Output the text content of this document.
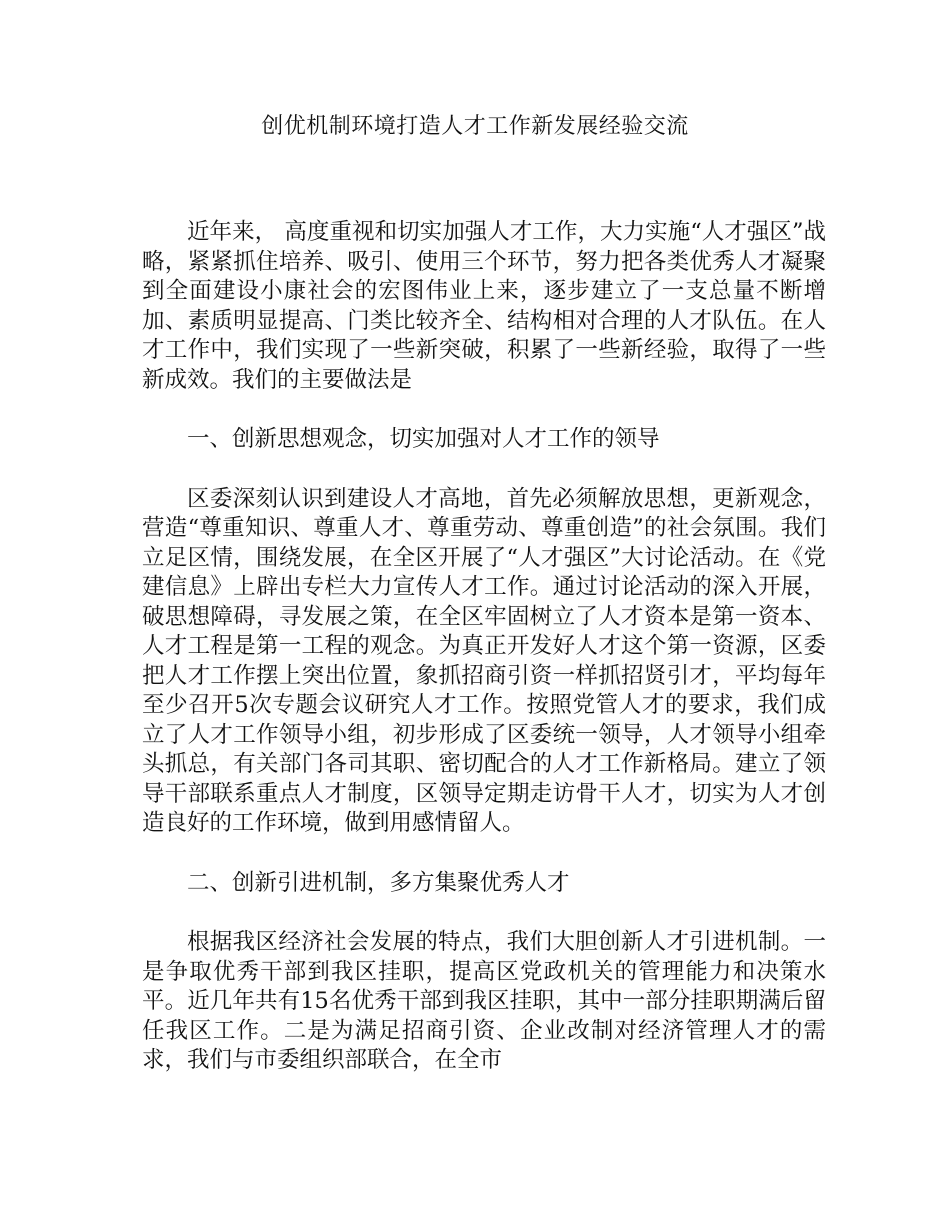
创优机制环境打造人才工作新发展经验交流

近年来， 高度重视和切实加强人才工作，大力实施“人才强区”战略，紧紧抓住培养、吸引、使用三个环节，努力把各类优秀人才凝聚到全面建设小康社会的宏图伟业上来，逐步建立了一支总量不断增加、素质明显提高、门类比较齐全、结构相对合理的人才队伍。在人才工作中，我们实现了一些新突破，积累了一些新经验，取得了一些新成效。我们的主要做法是

一、创新思想观念，切实加强对人才工作的领导

区委深刻认识到建设人才高地，首先必须解放思想，更新观念，营造“尊重知识、尊重人才、尊重劳动、尊重创造”的社会氛围。我们立足区情，围绕发展，在全区开展了“人才强区”大讨论活动。在《党建信息》上辟出专栏大力宣传人才工作。通过讨论活动的深入开展，破思想障碍，寻发展之策，在全区牢固树立了人才资本是第一资本、人才工程是第一工程的观念。为真正开发好人才这个第一资源，区委把人才工作摆上突出位置，象抓招商引资一样抓招贤引才，平均每年至少召开5次专题会议研究人才工作。按照党管人才的要求，我们成立了人才工作领导小组，初步形成了区委统一领导，人才领导小组牵头抓总，有关部门各司其职、密切配合的人才工作新格局。建立了领导干部联系重点人才制度，区领导定期走访骨干人才，切实为人才创造良好的工作环境，做到用感情留人。

二、创新引进机制，多方集聚优秀人才

根据我区经济社会发展的特点，我们大胆创新人才引进机制。一是争取优秀干部到我区挂职，提高区党政机关的管理能力和决策水平。近几年共有15名优秀干部到我区挂职，其中一部分挂职期满后留任我区工作。二是为满足招商引资、企业改制对经济管理人才的需求，我们与市委组织部联合，在全市
